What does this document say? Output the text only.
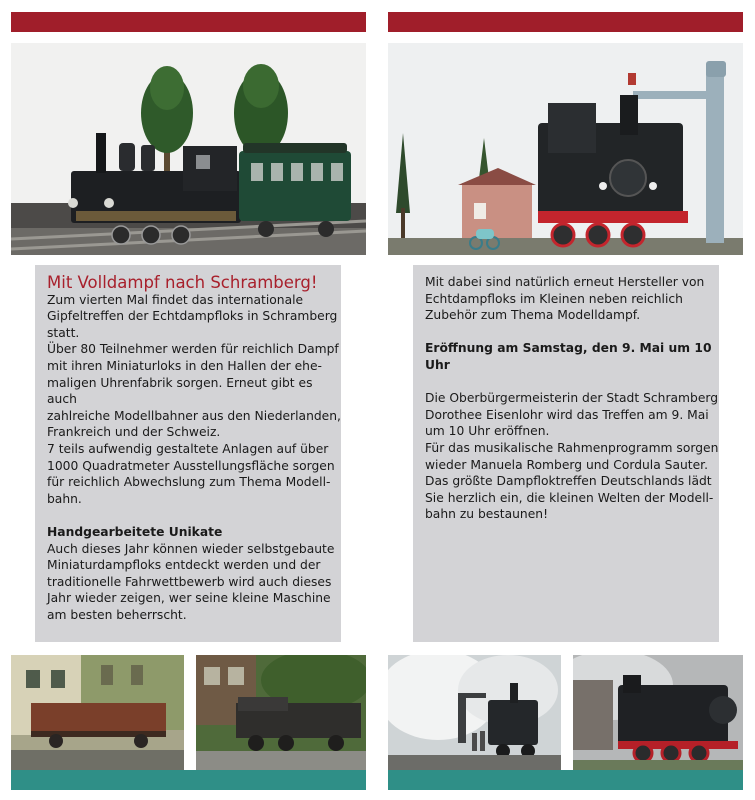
Mit Volldampf nach Schramberg!

Zum vierten Mal findet das internationale
Gipfeltreffen der Echtdampfloks in Schramberg
statt.
Über 80 Teilnehmer werden für reichlich Dampf
mit ihren Miniaturloks in den Hallen der ehe-
maligen Uhrenfabrik sorgen. Erneut gibt es auch
zahlreiche Modellbahner aus den Niederlanden,
Frankreich und der Schweiz.
7 teils aufwendig gestaltete Anlagen auf über
1000 Quadratmeter Ausstellungsfläche sorgen
für reichlich Abwechslung zum Thema Modell-
bahn.

Handgearbeitete Unikate

Auch dieses Jahr können wieder selbstgebaute
Miniaturdampfloks entdeckt werden und der
traditionelle Fahrwettbewerb wird auch dieses
Jahr wieder zeigen, wer seine kleine Maschine
am besten beherrscht.

Mit dabei sind natürlich erneut Hersteller von
Echtdampfloks im Kleinen neben reichlich
Zubehör zum Thema Modelldampf.

Eröffnung am Samstag, den 9. Mai um 10 Uhr

Die Oberbürgermeisterin der Stadt Schramberg
Dorothee Eisenlohr wird das Treffen am 9. Mai
um 10 Uhr eröffnen.
Für das musikalische Rahmenprogramm sorgen
wieder Manuela Romberg und Cordula Sauter.
Das größte Dampfloktreffen Deutschlands lädt
Sie herzlich ein, die kleinen Welten der Modell-
bahn zu bestaunen!
